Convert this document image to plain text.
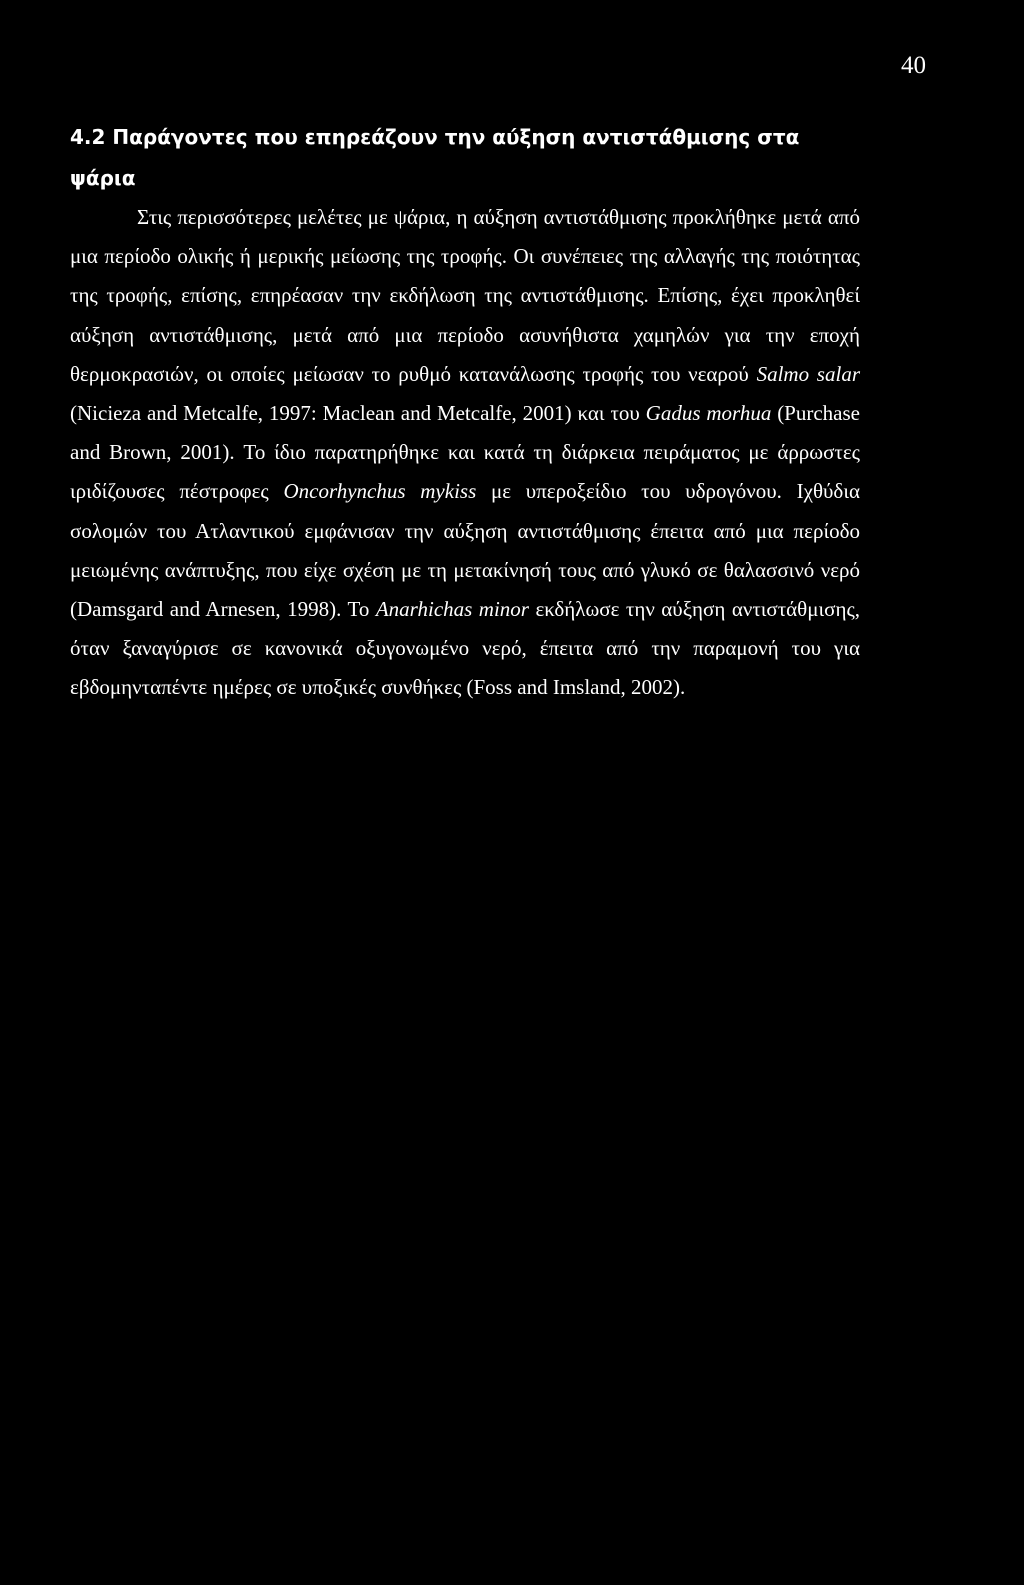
40
4.2 Παράγοντες που επηρεάζουν την αύξηση αντιστάθμισης στα ψάρια

Στις περισσότερες μελέτες με ψάρια, η αύξηση αντιστάθμισης προκλήθηκε μετά από μια περίοδο ολικής ή μερικής μείωσης της τροφής. Οι συνέπειες της αλλαγής της ποιότητας της τροφής, επίσης, επηρέασαν την εκδήλωση της αντιστάθμισης. Επίσης, έχει προκληθεί αύξηση αντιστάθμισης, μετά από μια περίοδο ασυνήθιστα χαμηλών για την εποχή θερμοκρασιών, οι οποίες μείωσαν το ρυθμό κατανάλωσης τροφής του νεαρού Salmo salar (Nicieza and Metcalfe, 1997: Maclean and Metcalfe, 2001) και του Gadus morhua (Purchase and Brown, 2001). Το ίδιο παρατηρήθηκε και κατά τη διάρκεια πειράματος με άρρωστες ιριδίζουσες πέστροφες Oncorhynchus mykiss με υπεροξείδιο του υδρογόνου. Ιχθύδια σολομών του Ατλαντικού εμφάνισαν την αύξηση αντιστάθμισης έπειτα από μια περίοδο μειωμένης ανάπτυξης, που είχε σχέση με τη μετακίνησή τους από γλυκό σε θαλασσινό νερό (Damsgard and Arnesen, 1998). Το Anarhichas minor εκδήλωσε την αύξηση αντιστάθμισης, όταν ξαναγύρισε σε κανονικά οξυγονωμένο νερό, έπειτα από την παραμονή του για εβδομηνταπέντε ημέρες σε υποξικές συνθήκες (Foss and Imsland, 2002).
